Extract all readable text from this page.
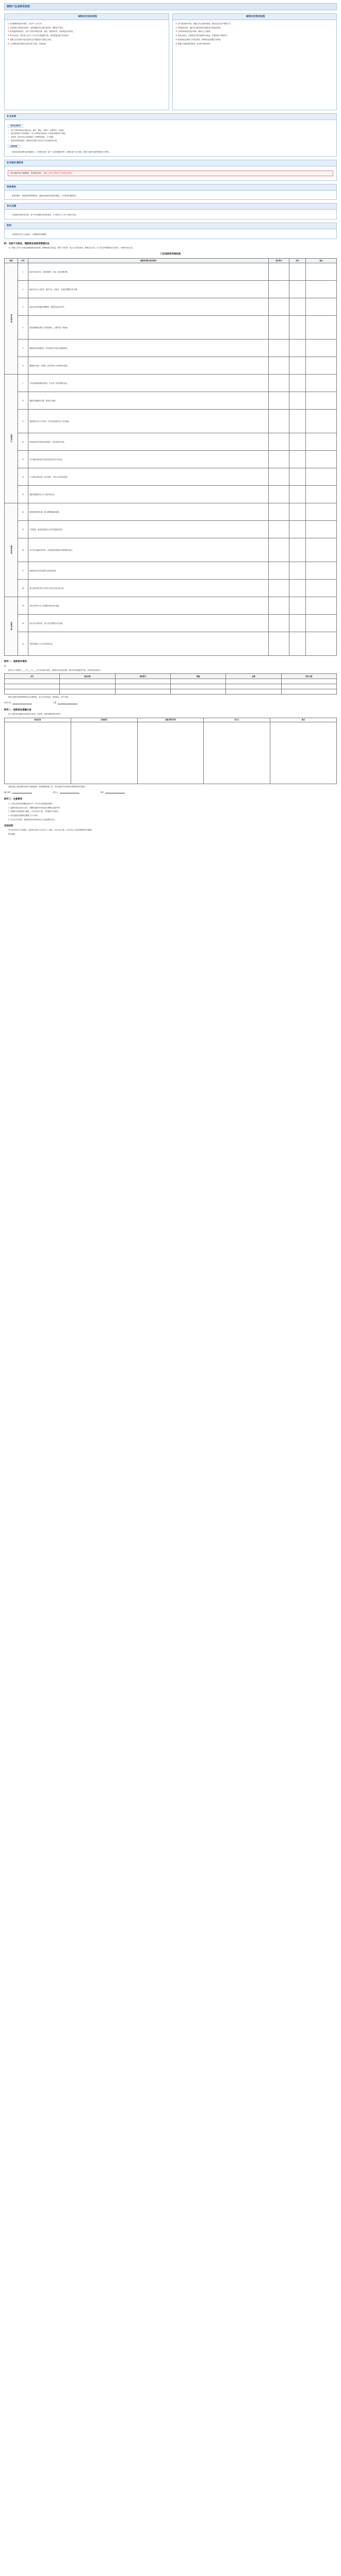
邮购产品退换货流程
邮购买的退货流程
1 收到邮购的退货申请后，应在3个工作日内
2 在接到客户的退货申请后，经审核确认符合退货条件的，通知客户寄回。
3 收到退回的商品后，仓库人员核对商品名称、数量、规格等信息，检查商品完好情况。
4 核对无误后，财务部门在5个工作日内办理退款手续，将货款退回客户指定账户。
5 客服人员在系统中登记退货记录并通知客户退款已办理。
6 已办理的退货单据交由相关部门存档，以备查询。
邮购买的换货流程
1 客户提出换货申请，客服人员记录换货原因、商品信息及客户联系方式。
2 审核换货申请，确认符合换货条件后通知客户将商品寄回。
3 仓库收到商品后进行检验，确认无人为损坏。
4 检验合格后，仓库按客户要求重新发出商品，并通知客户物流单号。
5 换货商品运费按公司规定承担，特殊情况由客服主管审批。
6 客服人员跟踪换货物流，直至客户确认收货。
补充说明
退货注意事项
• 客户应保持商品及包装完好，配件、赠品、说明书、发票等应一并退回。
• 因质量问题产生的退换货，由公司承担往返运费；非质量问题由客户承担。
• 定制类、贴身类及已拆封影响二次销售的商品，不予退换。
• 退货款项原路退回，到账时间以银行或支付平台处理时间为准。
运费说明
因商品质量问题引起的退换货，公司承担运费；客户个人原因退换货的，运费由客户自行承担，请客户选择可追踪的物流方式寄回。
如有疑问请联系
请在退换货前与客服联系，售后服务热线： 客服人员将为您提供专业的退换货服务。
特殊情况
如遇节假日、物流延误等特殊情况，退换货处理时间将相应顺延，公司将及时通知客户。
争议处理
对退换货结果有异议的，客户可向客服主管申请复核，公司将在3个工作日内给予答复。
附则
本流程自发布之日起执行，由客服部负责解释。
附：店面不合格品、瑕疵商品退换货管理办法
为了规范门店对不合格品及瑕疵商品的处理，保障顾客合法权益，维护公司信誉，结合公司实际情况，特制定本办法。各门店应严格按照本办法执行，并做好相关记录。
门店退换货审核标准
类别	序号	退换货审核内容及要求	是否符合	扣分	备注
商品检验	1	商品外包装完好，无明显破损、污渍，标签清晰完整。			
	2	商品本身无人为损坏，配件齐全，说明书、合格证等随附文件完整。			
	3	商品在规定的退换货期限内，购物凭证真实有效。			
	4	质量问题商品须经门店检验确认，必要时送厂家检测。			
	5	瑕疵商品应拍照留存，并在系统中详细记录瑕疵情况。			
	6	赠品随主商品一并退回，缺失的按公示价格折价处理。			
流程执行	7	门店接到顾客退换货要求，应在第一时间受理并登记。			
	8	退换货单据填写完整，顾客签字确认。			
	9	退款按原支付方式办理，不得以现金替代电子支付退款。			
	10	换货商品须与原商品同款同价，差价按规定补退。			
	11	当日退换货商品应在营业结束前完成入库登记。			
	12	不合格品单独存放，标识清楚，不得与正常商品混放。			
	13	退换货数据每日汇总上报区域主管。			
服务规范	14	接待顾客热情礼貌，耐心解释退换货政策。			
	15	不得推诿、拖延或拒绝符合条件的退换货要求。			
	16	对不符合退换货条件的，应向顾客说明原因并提供解决建议。			
	17	顾客投诉应及时处理并记录处理结果。			
	18	重大投诉事件须在2小时内上报店长及区域主管。			
监督考核	19	区域主管每月对门店退换货情况进行抽查。			
	20	违反本办法规定的，按公司奖惩制度予以处理。			
	21	考核结果纳入门店月度绩效评定。			
附件一：退换货申请表
致：
兹有本公司顾客于_____年____月____日在本店购买商品，因商品存在质量问题，现申请办理退换货手续，具体商品信息如下：
序号	商品名称	规格型号	数量	金额	购买日期

顾客已按要求提供购物凭证及完整商品，经门店初步检验，情况属实，请予办理。
申请门店：	日期：
附件二：退换货处理确认函
贵公司提交的退换货申请我司已收到，经审核，现将处理结果告知如下：
商品信息	处理意见	退款/换货安排	经办人	备注

请贵店按上述处理意见及时与顾客联系，做好解释说明工作，并在处理完毕后将相关单据回传我司备案。
确认单位：	经办人：	日期：
附件三：注意事项
1. 门店应在收到处理确认函后3个工作日内完成退换货操作。
2. 退换货商品运回总仓时，应随附退换货申请表及处理确认函复印件。
3. 如顾客对处理结果不满意，门店应及时上报，不得擅自作出承诺。
4. 所有退换货单据保存期限不少于两年。
5. 本办法未尽事宜，按国家相关法律法规及公司其他规定执行。
其他说明
本办法自发布之日起施行，原有相关规定与本办法不一致的，以本办法为准。本办法由公司运营管理部负责解释。
特此通知。
